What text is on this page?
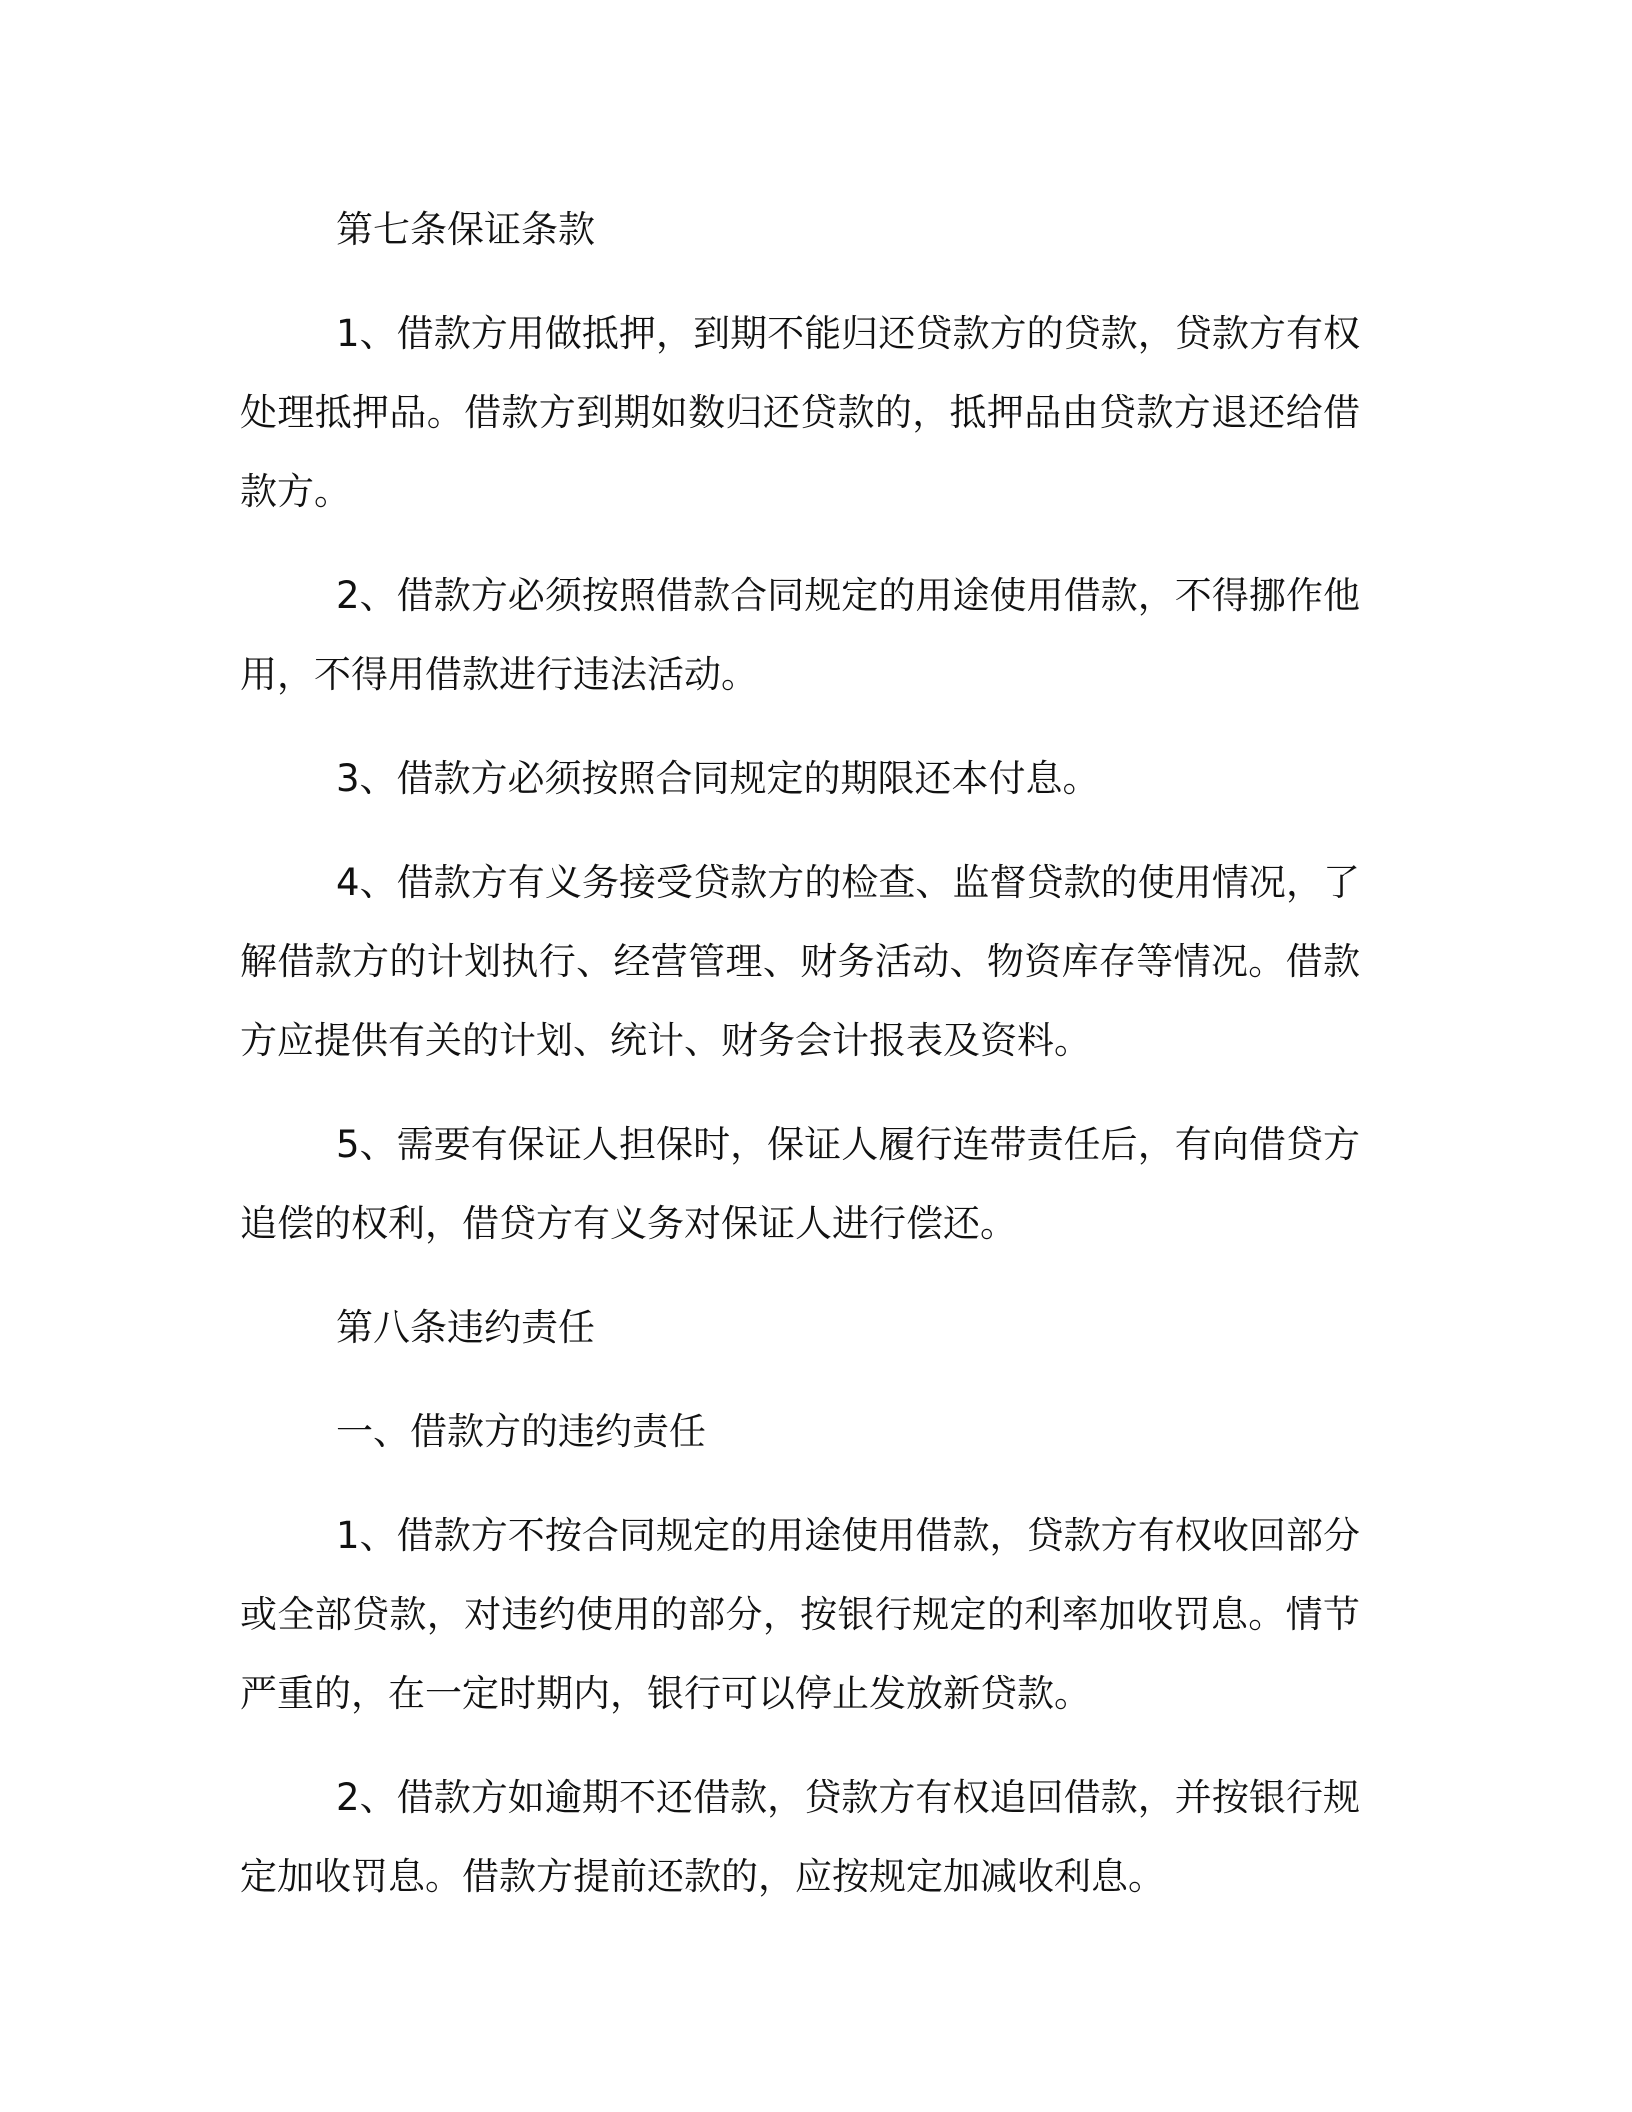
第七条保证条款

1、借款方用做抵押，到期不能归还贷款方的贷款，贷款方有权处理抵押品。借款方到期如数归还贷款的，抵押品由贷款方退还给借款方。

2、借款方必须按照借款合同规定的用途使用借款，不得挪作他用，不得用借款进行违法活动。

3、借款方必须按照合同规定的期限还本付息。

4、借款方有义务接受贷款方的检查、监督贷款的使用情况，了解借款方的计划执行、经营管理、财务活动、物资库存等情况。借款方应提供有关的计划、统计、财务会计报表及资料。

5、需要有保证人担保时，保证人履行连带责任后，有向借贷方追偿的权利，借贷方有义务对保证人进行偿还。

第八条违约责任

一、借款方的违约责任

1、借款方不按合同规定的用途使用借款，贷款方有权收回部分或全部贷款，对违约使用的部分，按银行规定的利率加收罚息。情节严重的，在一定时期内，银行可以停止发放新贷款。

2、借款方如逾期不还借款，贷款方有权追回借款，并按银行规定加收罚息。借款方提前还款的，应按规定加减收利息。
